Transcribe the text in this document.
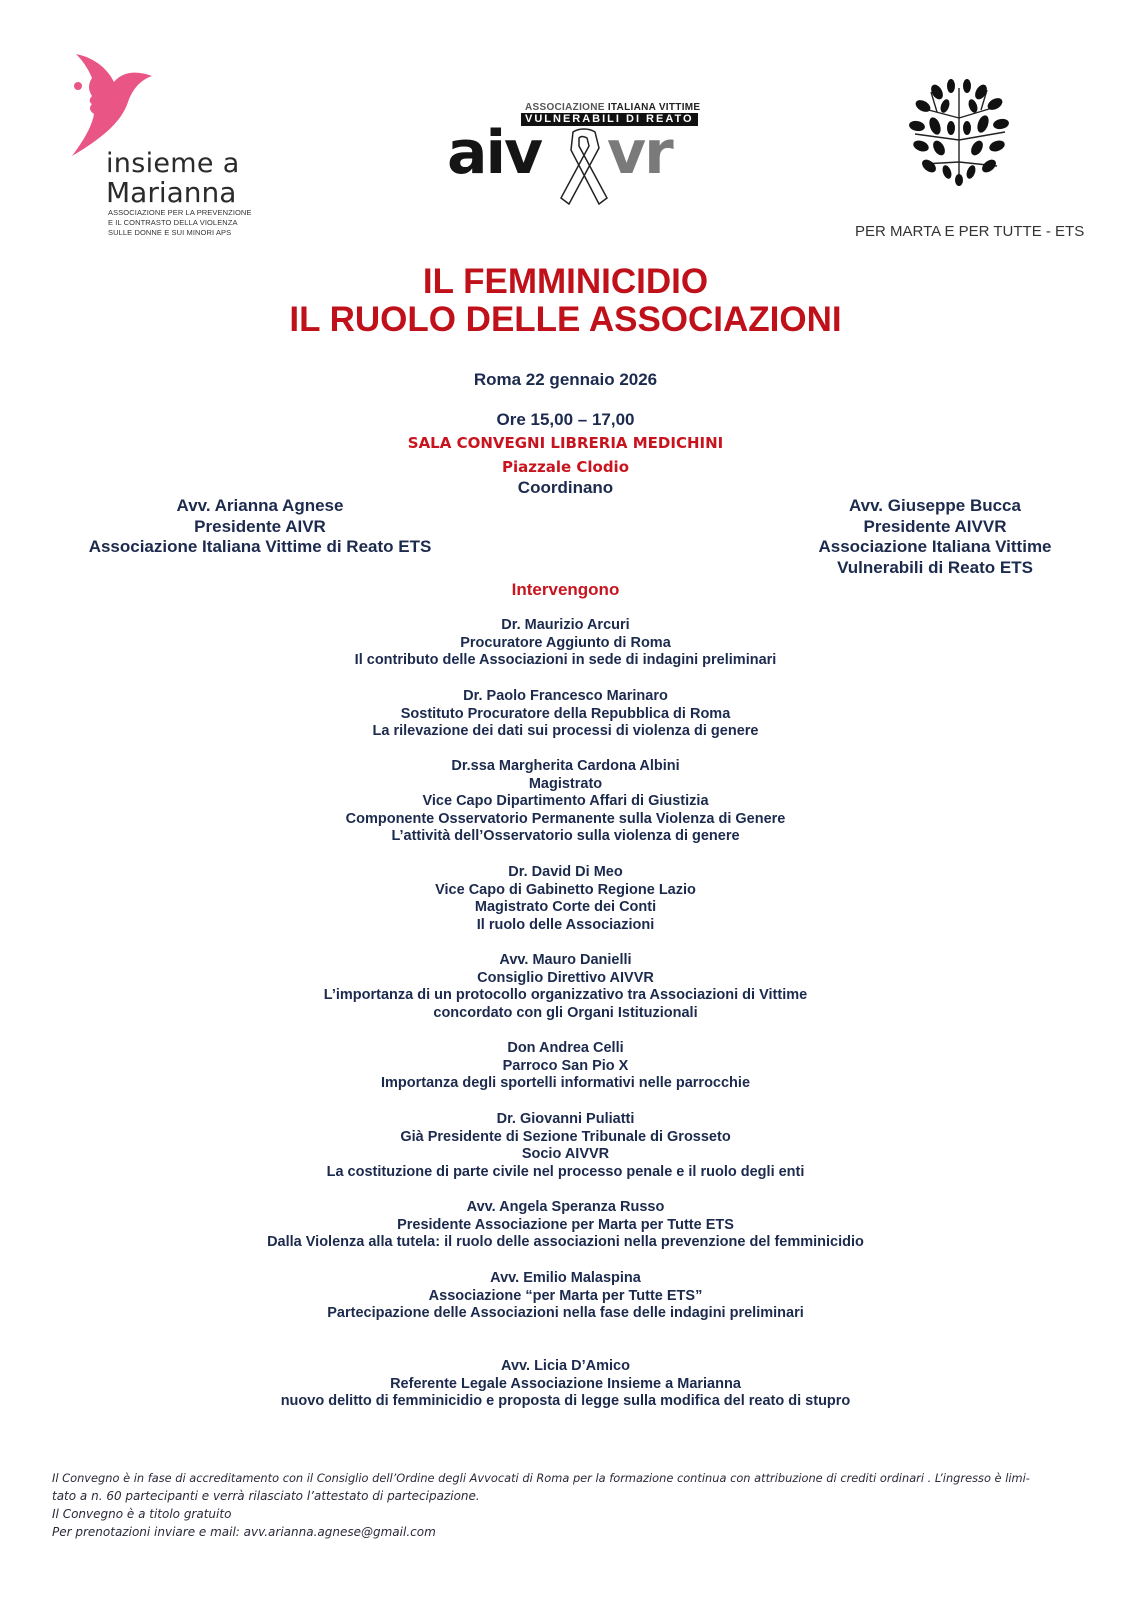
insieme a
Marianna
ASSOCIAZIONE PER LA PREVENZIONE
E IL CONTRASTO DELLA VIOLENZA
SULLE DONNE E SUI MINORI APS
ASSOCIAZIONE ITALIANA VITTIME
VULNERABILI DI REATO
aiv vr
PER MARTA E PER TUTTE - ETS
IL FEMMINICIDIO
IL RUOLO DELLE ASSOCIAZIONI
Roma 22 gennaio 2026
Ore 15,00 – 17,00
SALA CONVEGNI LIBRERIA MEDICHINI
Piazzale Clodio
Coordinano
Avv. Arianna Agnese
Presidente AIVR
Associazione Italiana Vittime di Reato ETS
Avv. Giuseppe Bucca
Presidente AIVVR
Associazione Italiana Vittime
Vulnerabili di Reato ETS
Intervengono
Dr. Maurizio Arcuri
Procuratore Aggiunto di Roma
Il contributo delle Associazioni in sede di indagini preliminari
Dr. Paolo Francesco Marinaro
Sostituto Procuratore della Repubblica di Roma
La rilevazione dei dati sui processi di violenza di genere
Dr.ssa Margherita Cardona Albini
Magistrato
Vice Capo Dipartimento Affari di Giustizia
Componente Osservatorio Permanente sulla Violenza di Genere
L’attività dell’Osservatorio sulla violenza di genere
Dr. David Di Meo
Vice Capo di Gabinetto Regione Lazio
Magistrato Corte dei Conti
Il ruolo delle Associazioni
Avv. Mauro Danielli
Consiglio Direttivo AIVVR
L’importanza di un protocollo organizzativo tra Associazioni di Vittime
concordato con gli Organi Istituzionali
Don Andrea Celli
Parroco San Pio X
Importanza degli sportelli informativi nelle parrocchie
Dr. Giovanni Puliatti
Già Presidente di Sezione Tribunale di Grosseto
Socio AIVVR
La costituzione di parte civile nel processo penale e il ruolo degli enti
Avv. Angela Speranza Russo
Presidente Associazione per Marta per Tutte ETS
Dalla Violenza alla tutela: il ruolo delle associazioni nella prevenzione del femminicidio
Avv. Emilio Malaspina
Associazione “per Marta per Tutte ETS”
Partecipazione delle Associazioni nella fase delle indagini preliminari
Avv. Licia D’Amico
Referente Legale Associazione Insieme a Marianna
nuovo delitto di femminicidio e proposta di legge sulla modifica del reato di stupro
Il Convegno è in fase di accreditamento con il Consiglio dell’Ordine degli Avvocati di Roma per la formazione continua con attribuzione di crediti ordinari . L’ingresso è limi-
tato a n. 60 partecipanti e verrà rilasciato l’attestato di partecipazione.
Il Convegno è a titolo gratuito
Per prenotazioni inviare e mail: avv.arianna.agnese@gmail.com
